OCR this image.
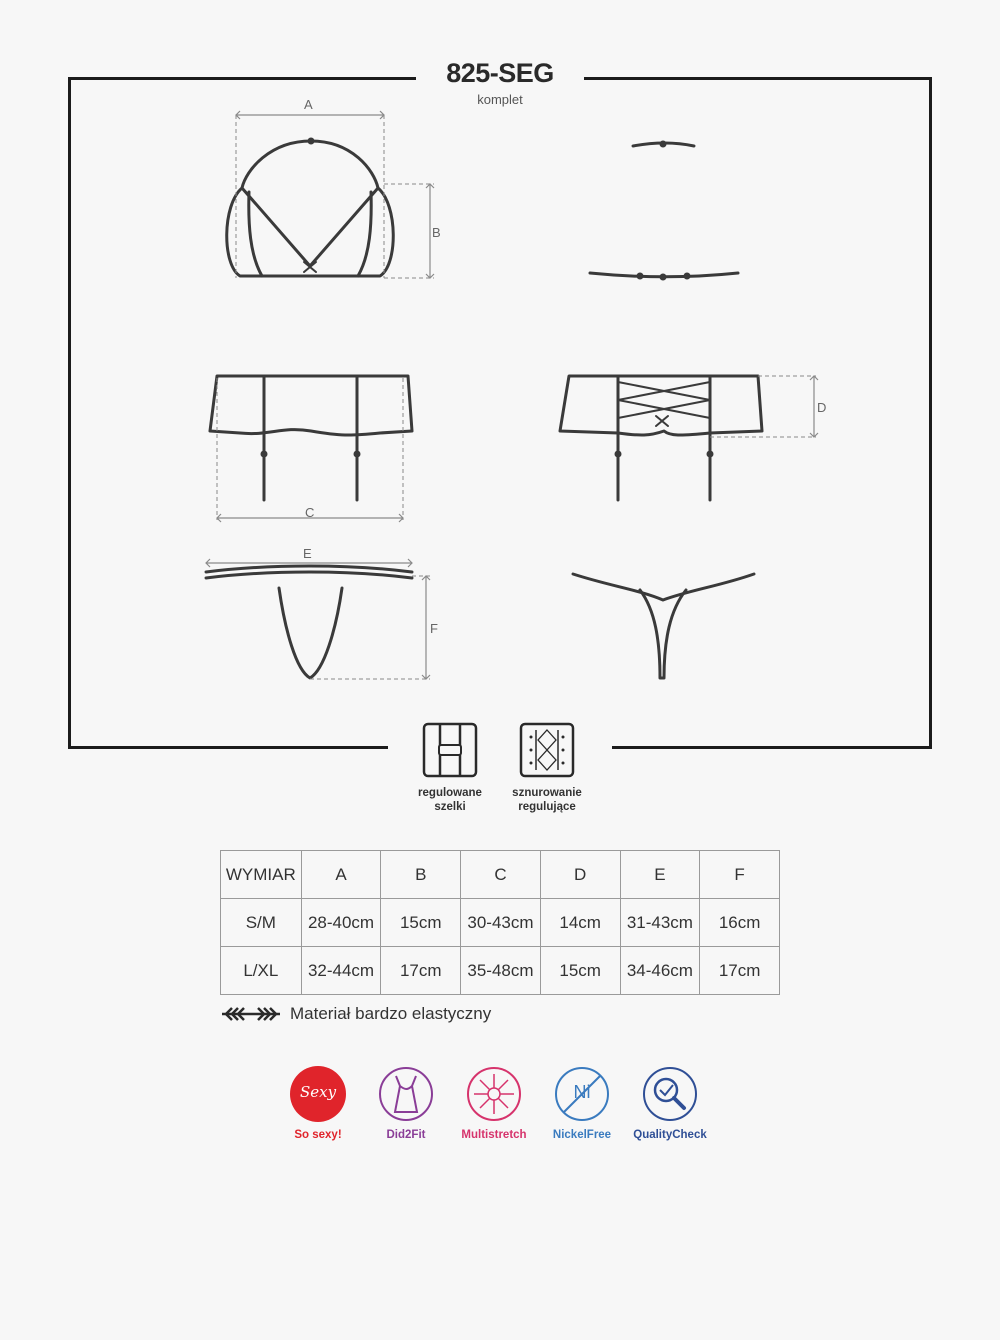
825-SEG
komplet
A
B
C
D
E
F
regulowane
szelki
sznurowanie
regulujące
WYMIAR	A	B	C	D	E	F
S/M	28-40cm	15cm	30-43cm	14cm	31-43cm	16cm
L/XL	32-44cm	17cm	35-48cm	15cm	34-46cm	17cm
Materiał bardzo elastyczny
Sexy	Ni
So sexy!	Did2Fit	Multistretch	NickelFree	QualityCheck
